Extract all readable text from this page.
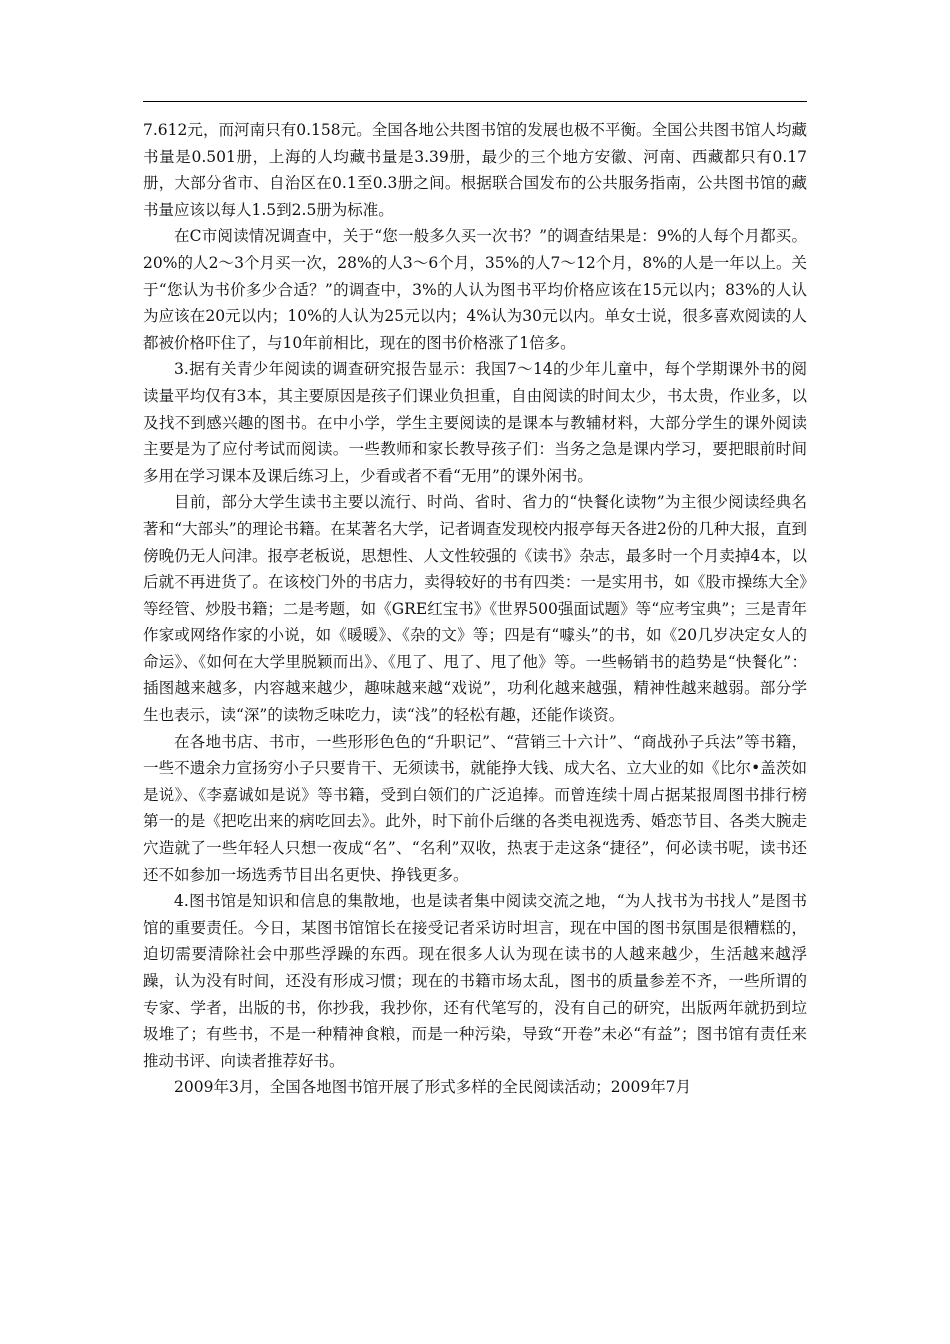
7.612元，而河南只有0.158元。全国各地公共图书馆的发展也极不平衡。全国公共图书馆人均藏书量是0.501册，上海的人均藏书量是3.39册，最少的三个地方安徽、河南、西藏都只有0.17册，大部分省市、自治区在0.1至0.3册之间。根据联合国发布的公共服务指南，公共图书馆的藏书量应该以每人1.5到2.5册为标准。

在C市阅读情况调查中，关于“您一般多久买一次书？”的调查结果是：9%的人每个月都买。20%的人2～3个月买一次，28%的人3～6个月，35%的人7～12个月，8%的人是一年以上。关于“您认为书价多少合适？”的调查中，3%的人认为图书平均价格应该在15元以内；83%的人认为应该在20元以内；10%的人认为25元以内；4%认为30元以内。单女士说，很多喜欢阅读的人都被价格吓住了，与10年前相比，现在的图书价格涨了1倍多。

3.据有关青少年阅读的调查研究报告显示：我国7～14的少年儿童中，每个学期课外书的阅读量平均仅有3本，其主要原因是孩子们课业负担重，自由阅读的时间太少，书太贵，作业多，以及找不到感兴趣的图书。在中小学，学生主要阅读的是课本与教辅材料，大部分学生的课外阅读主要是为了应付考试而阅读。一些教师和家长教导孩子们：当务之急是课内学习，要把眼前时间多用在学习课本及课后练习上，少看或者不看“无用”的课外闲书。

目前，部分大学生读书主要以流行、时尚、省时、省力的“快餐化读物”为主很少阅读经典名著和“大部头”的理论书籍。在某著名大学，记者调查发现校内报亭每天各进2份的几种大报，直到傍晚仍无人问津。报亭老板说，思想性、人文性较强的《读书》杂志，最多时一个月卖掉4本，以后就不再进货了。在该校门外的书店力，卖得较好的书有四类：一是实用书，如《股市操练大全》等经管、炒股书籍；二是考题，如《GRE红宝书》《世界500强面试题》等“应考宝典”；三是青年作家或网络作家的小说，如《暖暖》、《杂的文》等；四是有“噱头”的书，如《20几岁决定女人的命运》、《如何在大学里脱颖而出》、《甩了、甩了、甩了他》等。一些畅销书的趋势是“快餐化”：插图越来越多，内容越来越少，趣味越来越“戏说”，功利化越来越强，精神性越来越弱。部分学生也表示，读“深”的读物乏味吃力，读“浅”的轻松有趣，还能作谈资。

在各地书店、书市，一些形形色色的“升职记”、“营销三十六计”、“商战孙子兵法”等书籍，一些不遗余力宣扬穷小子只要肯干、无须读书，就能挣大钱、成大名、立大业的如《比尔•盖茨如是说》、《李嘉诚如是说》等书籍，受到白领们的广泛追捧。而曾连续十周占据某报周图书排行榜第一的是《把吃出来的病吃回去》。此外，时下前仆后继的各类电视选秀、婚恋节目、各类大腕走穴造就了一些年轻人只想一夜成“名”、“名利”双收，热衷于走这条“捷径”，何必读书呢，读书还还不如参加一场选秀节目出名更快、挣钱更多。

4.图书馆是知识和信息的集散地，也是读者集中阅读交流之地，“为人找书为书找人”是图书馆的重要责任。今日，某图书馆馆长在接受记者采访时坦言，现在中国的图书氛围是很糟糕的，迫切需要清除社会中那些浮躁的东西。现在很多人认为现在读书的人越来越少，生活越来越浮躁，认为没有时间，还没有形成习惯；现在的书籍市场太乱，图书的质量参差不齐，一些所谓的专家、学者，出版的书，你抄我，我抄你，还有代笔写的，没有自己的研究，出版两年就扔到垃圾堆了；有些书，不是一种精神食粮，而是一种污染，导致“开卷”未必“有益”；图书馆有责任来推动书评、向读者推荐好书。

2009年3月，全国各地图书馆开展了形式多样的全民阅读活动；2009年7月
